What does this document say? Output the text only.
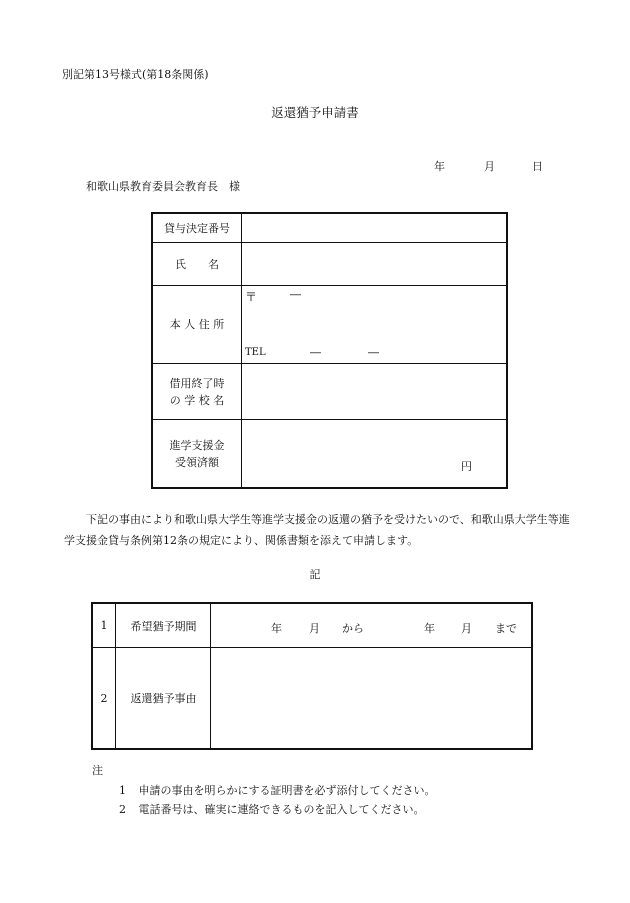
別記第13号様式(第18条関係)
返還猶予申請書
年	月	日
和歌山県教育委員会教育長　様
貸与決定番号
氏　　名
本 人 住 所
〒	―
TEL	―	―
借用終了時
の 学 校 名
進学支援金
受領済額	円
下記の事由により和歌山県大学生等進学支援金の返還の猶予を受けたいので、和歌山県大学生等進学支援金貸与条例第12条の規定により、関係書類を添えて申請します。
記
1	希望猶予期間	年 月 から	年 月 まで
2	返還猶予事由
注
1 申請の事由を明らかにする証明書を必ず添付してください。
2 電話番号は、確実に連絡できるものを記入してください。
